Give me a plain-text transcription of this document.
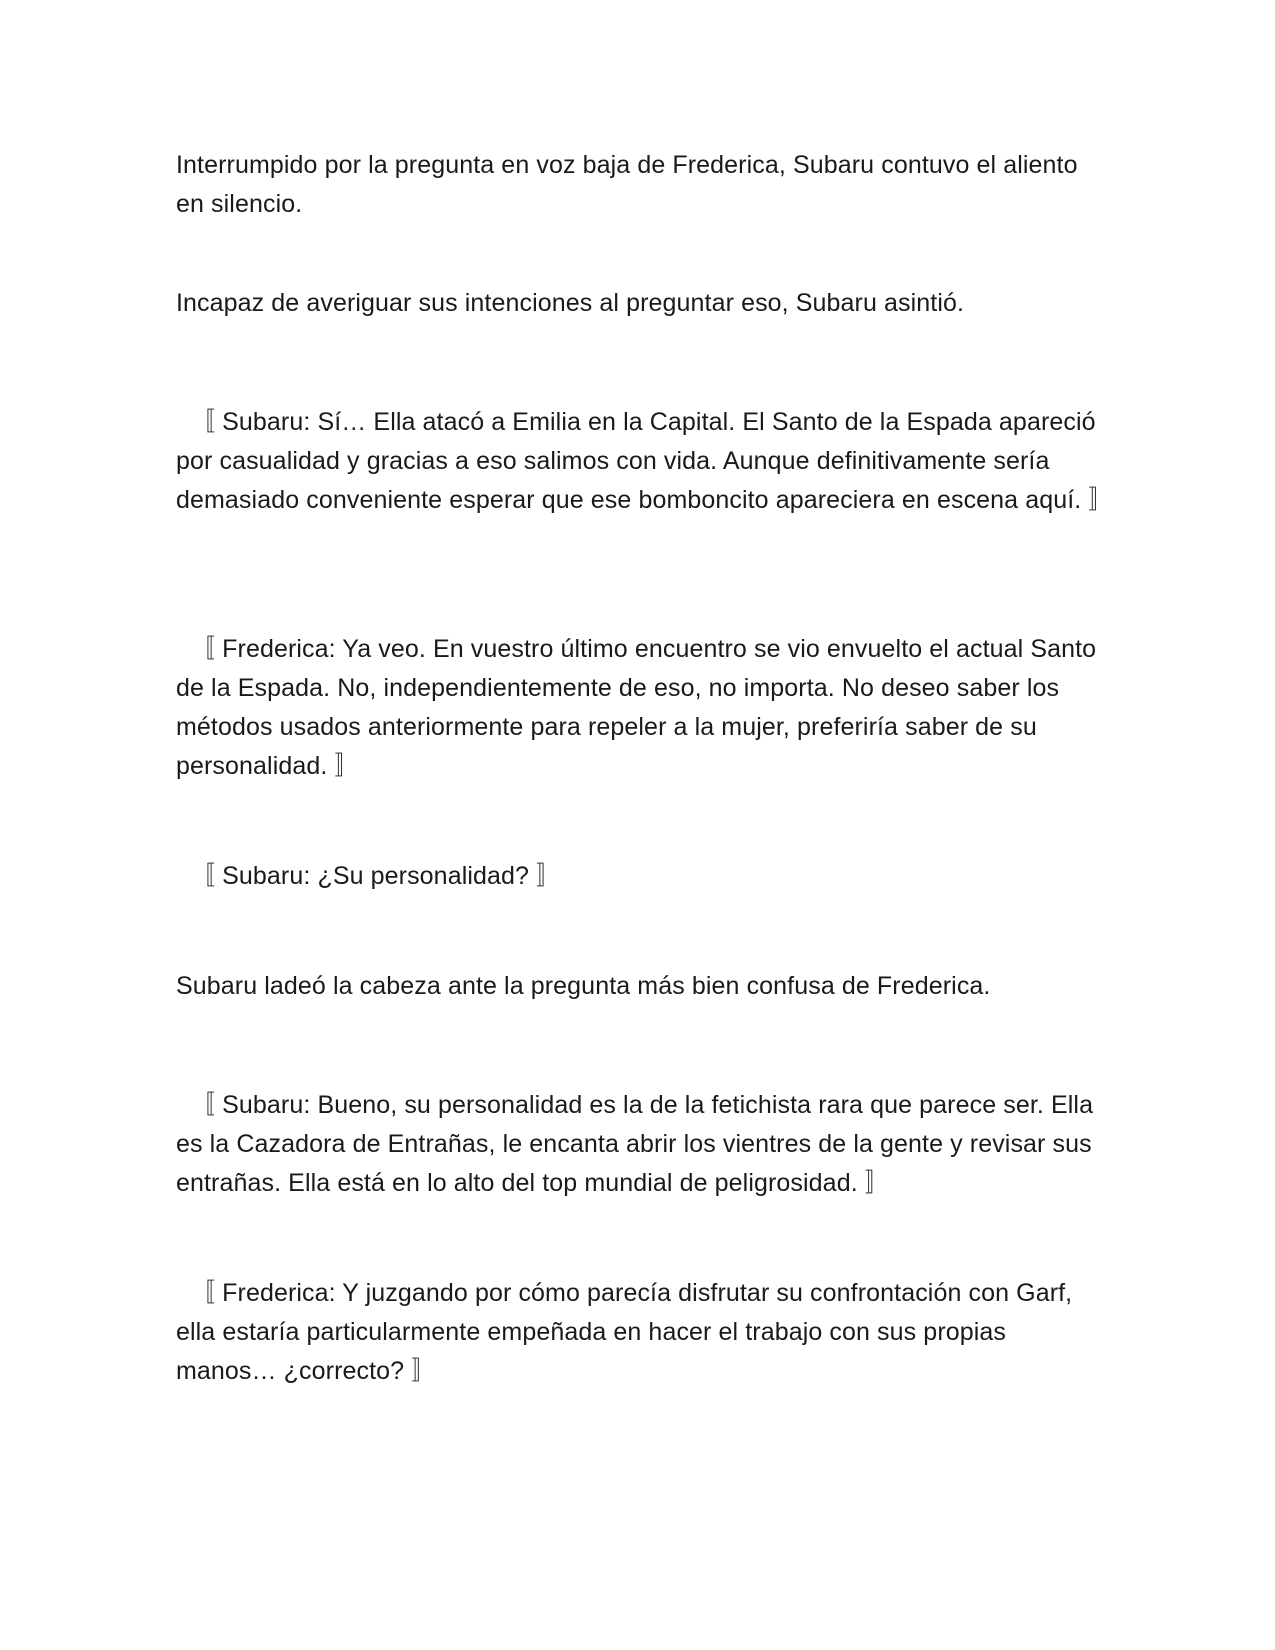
Interrumpido por la pregunta en voz baja de Frederica, Subaru contuvo el aliento en silencio.

Incapaz de averiguar sus intenciones al preguntar eso, Subaru asintió.

〚 Subaru: Sí… Ella atacó a Emilia en la Capital. El Santo de la Espada apareció por casualidad y gracias a eso salimos con vida. Aunque definitivamente sería demasiado conveniente esperar que ese bomboncito apareciera en escena aquí. 〛

〚 Frederica: Ya veo. En vuestro último encuentro se vio envuelto el actual Santo de la Espada. No, independientemente de eso, no importa. No deseo saber los métodos usados anteriormente para repeler a la mujer, preferiría saber de su personalidad. 〛

〚 Subaru: ¿Su personalidad? 〛

Subaru ladeó la cabeza ante la pregunta más bien confusa de Frederica.

〚 Subaru: Bueno, su personalidad es la de la fetichista rara que parece ser. Ella es la Cazadora de Entrañas, le encanta abrir los vientres de la gente y revisar sus entrañas. Ella está en lo alto del top mundial de peligrosidad. 〛

〚 Frederica: Y juzgando por cómo parecía disfrutar su confrontación con Garf, ella estaría particularmente empeñada en hacer el trabajo con sus propias manos… ¿correcto? 〛
